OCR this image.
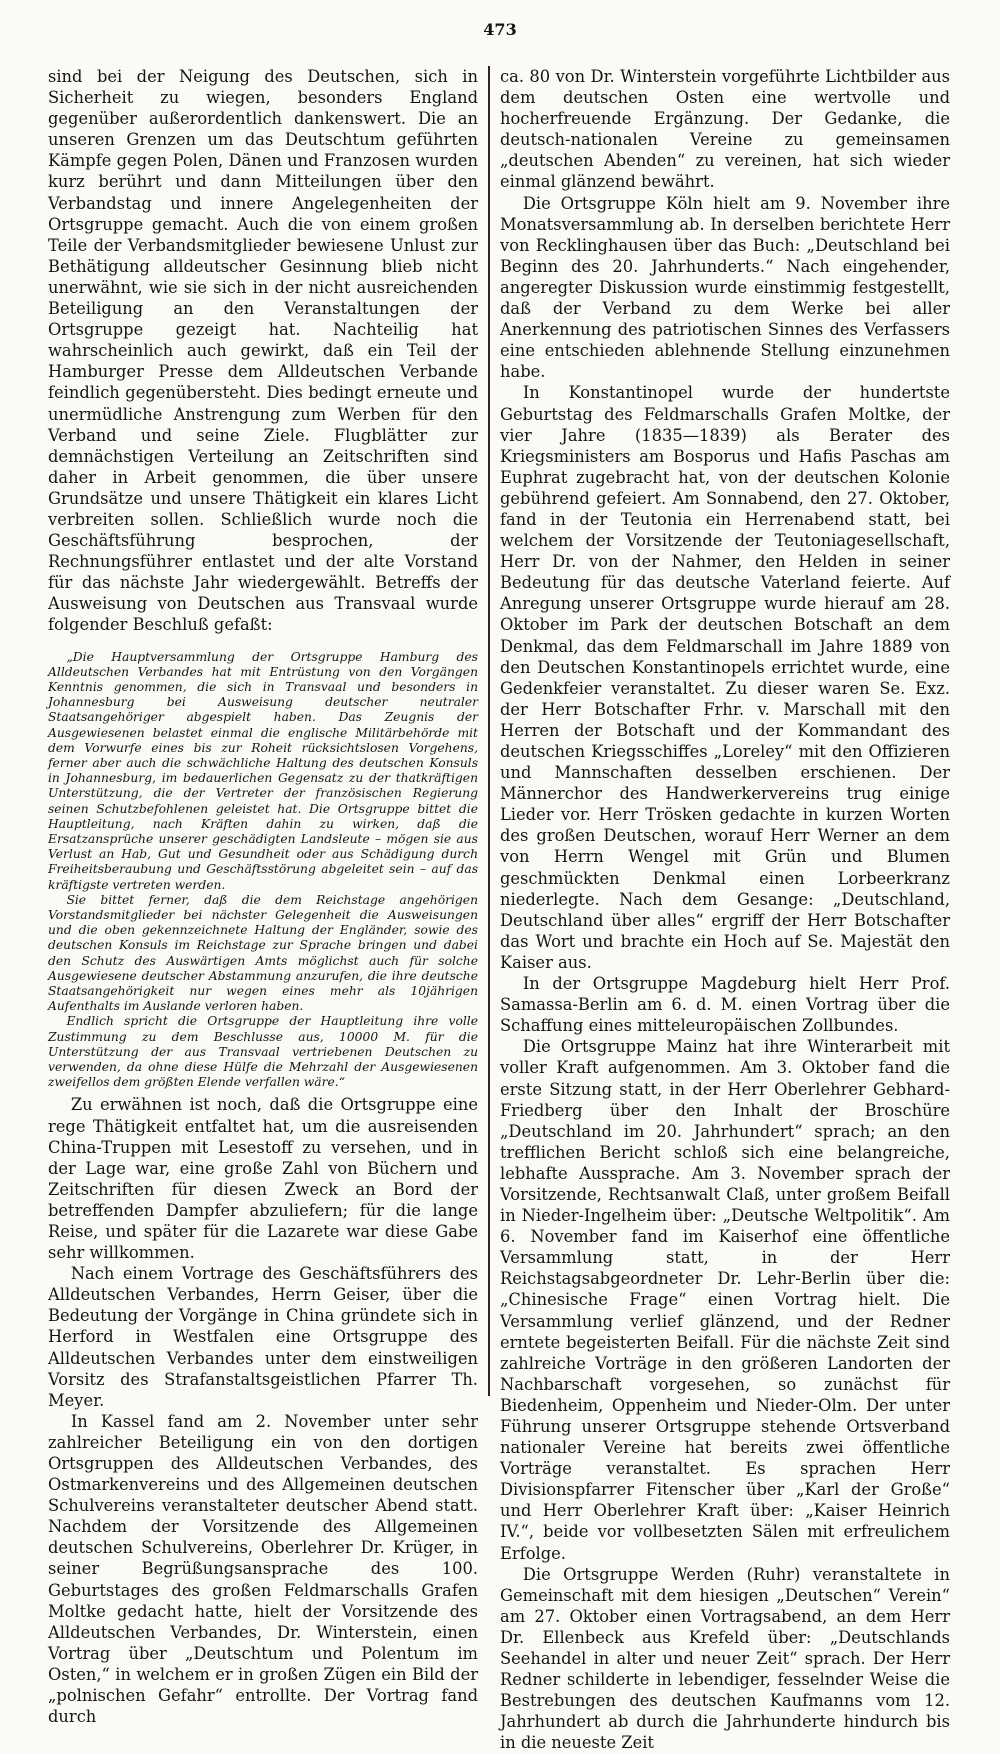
473

sind bei der Neigung des Deutschen, sich in Sicherheit zu wiegen, besonders England gegenüber außerordentlich dankenswert. Die an unseren Grenzen um das Deutschtum geführten Kämpfe gegen Polen, Dänen und Franzosen wurden kurz berührt und dann Mitteilungen über den Verbandstag und innere Angelegenheiten der Ortsgruppe gemacht. Auch die von einem großen Teile der Verbandsmitglieder bewiesene Unlust zur Bethätigung alldeutscher Gesinnung blieb nicht unerwähnt, wie sie sich in der nicht ausreichenden Beteiligung an den Veranstaltungen der Ortsgruppe gezeigt hat. Nachteilig hat wahrscheinlich auch gewirkt, daß ein Teil der Hamburger Presse dem Alldeutschen Verbande feindlich gegenübersteht. Dies bedingt erneute und unermüdliche Anstrengung zum Werben für den Verband und seine Ziele. Flugblätter zur demnächstigen Verteilung an Zeitschriften sind daher in Arbeit genommen, die über unsere Grundsätze und unsere Thätigkeit ein klares Licht verbreiten sollen. Schließlich wurde noch die Geschäftsführung besprochen, der Rechnungsführer entlastet und der alte Vorstand für das nächste Jahr wiedergewählt. Betreffs der Ausweisung von Deutschen aus Transvaal wurde folgender Beschluß gefaßt:

„Die Hauptversammlung der Ortsgruppe Hamburg des Alldeutschen Verbandes hat mit Entrüstung von den Vorgängen Kenntnis genommen, die sich in Transvaal und besonders in Johannesburg bei Ausweisung deutscher neutraler Staatsangehöriger abgespielt haben. Das Zeugnis der Ausgewiesenen belastet einmal die englische Militärbehörde mit dem Vorwurfe eines bis zur Roheit rücksichtslosen Vorgehens, ferner aber auch die schwächliche Haltung des deutschen Konsuls in Johannesburg, im bedauerlichen Gegensatz zu der thatkräftigen Unterstützung, die der Vertreter der französischen Regierung seinen Schutzbefohlenen geleistet hat. Die Ortsgruppe bittet die Hauptleitung, nach Kräften dahin zu wirken, daß die Ersatzansprüche unserer geschädigten Landsleute – mögen sie aus Verlust an Hab, Gut und Gesundheit oder aus Schädigung durch Freiheitsberaubung und Geschäftsstörung abgeleitet sein – auf das kräftigste vertreten werden.

Sie bittet ferner, daß die dem Reichstage angehörigen Vorstandsmitglieder bei nächster Gelegenheit die Ausweisungen und die oben gekennzeichnete Haltung der Engländer, sowie des deutschen Konsuls im Reichstage zur Sprache bringen und dabei den Schutz des Auswärtigen Amts möglichst auch für solche Ausgewiesene deutscher Abstammung anzurufen, die ihre deutsche Staatsangehörigkeit nur wegen eines mehr als 10jährigen Aufenthalts im Auslande verloren haben.

Endlich spricht die Ortsgruppe der Hauptleitung ihre volle Zustimmung zu dem Beschlusse aus, 10000 M. für die Unterstützung der aus Transvaal vertriebenen Deutschen zu verwenden, da ohne diese Hülfe die Mehrzahl der Ausgewiesenen zweifellos dem größten Elende verfallen wäre.“

Zu erwähnen ist noch, daß die Ortsgruppe eine rege Thätigkeit entfaltet hat, um die ausreisenden China-Truppen mit Lesestoff zu versehen, und in der Lage war, eine große Zahl von Büchern und Zeitschriften für diesen Zweck an Bord der betreffenden Dampfer abzuliefern; für die lange Reise, und später für die Lazarete war diese Gabe sehr willkommen.

Nach einem Vortrage des Geschäftsführers des Alldeutschen Verbandes, Herrn Geiser, über die Bedeutung der Vorgänge in China gründete sich in Herford in Westfalen eine Ortsgruppe des Alldeutschen Verbandes unter dem einstweiligen Vorsitz des Strafanstaltsgeistlichen Pfarrer Th. Meyer.

In Kassel fand am 2. November unter sehr zahlreicher Beteiligung ein von den dortigen Ortsgruppen des Alldeutschen Verbandes, des Ostmarkenvereins und des Allgemeinen deutschen Schulvereins veranstalteter deutscher Abend statt. Nachdem der Vorsitzende des Allgemeinen deutschen Schulvereins, Oberlehrer Dr. Krüger, in seiner Begrüßungsansprache des 100. Geburtstages des großen Feldmarschalls Grafen Moltke gedacht hatte, hielt der Vorsitzende des Alldeutschen Verbandes, Dr. Winterstein, einen Vortrag über „Deutschtum und Polentum im Osten,“ in welchem er in großen Zügen ein Bild der „polnischen Gefahr“ entrollte. Der Vortrag fand durch

ca. 80 von Dr. Winterstein vorgeführte Lichtbilder aus dem deutschen Osten eine wertvolle und hocherfreuende Ergänzung. Der Gedanke, die deutsch-nationalen Vereine zu gemeinsamen „deutschen Abenden“ zu vereinen, hat sich wieder einmal glänzend bewährt.

Die Ortsgruppe Köln hielt am 9. November ihre Monatsversammlung ab. In derselben berichtete Herr von Recklinghausen über das Buch: „Deutschland bei Beginn des 20. Jahrhunderts.“ Nach eingehender, angeregter Diskussion wurde einstimmig festgestellt, daß der Verband zu dem Werke bei aller Anerkennung des patriotischen Sinnes des Verfassers eine entschieden ablehnende Stellung einzunehmen habe.

In Konstantinopel wurde der hundertste Geburtstag des Feldmarschalls Grafen Moltke, der vier Jahre (1835—1839) als Berater des Kriegsministers am Bosporus und Hafis Paschas am Euphrat zugebracht hat, von der deutschen Kolonie gebührend gefeiert. Am Sonnabend, den 27. Oktober, fand in der Teutonia ein Herrenabend statt, bei welchem der Vorsitzende der Teutoniagesellschaft, Herr Dr. von der Nahmer, den Helden in seiner Bedeutung für das deutsche Vaterland feierte. Auf Anregung unserer Ortsgruppe wurde hierauf am 28. Oktober im Park der deutschen Botschaft an dem Denkmal, das dem Feldmarschall im Jahre 1889 von den Deutschen Konstantinopels errichtet wurde, eine Gedenkfeier veranstaltet. Zu dieser waren Se. Exz. der Herr Botschafter Frhr. v. Marschall mit den Herren der Botschaft und der Kommandant des deutschen Kriegsschiffes „Loreley“ mit den Offizieren und Mannschaften desselben erschienen. Der Männerchor des Handwerkervereins trug einige Lieder vor. Herr Trösken gedachte in kurzen Worten des großen Deutschen, worauf Herr Werner an dem von Herrn Wengel mit Grün und Blumen geschmückten Denkmal einen Lorbeerkranz niederlegte. Nach dem Gesange: „Deutschland, Deutschland über alles“ ergriff der Herr Botschafter das Wort und brachte ein Hoch auf Se. Majestät den Kaiser aus.

In der Ortsgruppe Magdeburg hielt Herr Prof. Samassa-Berlin am 6. d. M. einen Vortrag über die Schaffung eines mitteleuropäischen Zollbundes.

Die Ortsgruppe Mainz hat ihre Winterarbeit mit voller Kraft aufgenommen. Am 3. Oktober fand die erste Sitzung statt, in der Herr Oberlehrer Gebhard-Friedberg über den Inhalt der Broschüre „Deutschland im 20. Jahrhundert“ sprach; an den trefflichen Bericht schloß sich eine belangreiche, lebhafte Aussprache. Am 3. November sprach der Vorsitzende, Rechtsanwalt Claß, unter großem Beifall in Nieder-Ingelheim über: „Deutsche Weltpolitik“. Am 6. November fand im Kaiserhof eine öffentliche Versammlung statt, in der Herr Reichstagsabgeordneter Dr. Lehr-Berlin über die: „Chinesische Frage“ einen Vortrag hielt. Die Versammlung verlief glänzend, und der Redner erntete begeisterten Beifall. Für die nächste Zeit sind zahlreiche Vorträge in den größeren Landorten der Nachbarschaft vorgesehen, so zunächst für Biedenheim, Oppenheim und Nieder-Olm. Der unter Führung unserer Ortsgruppe stehende Ortsverband nationaler Vereine hat bereits zwei öffentliche Vorträge veranstaltet. Es sprachen Herr Divisionspfarrer Fitenscher über „Karl der Große“ und Herr Oberlehrer Kraft über: „Kaiser Heinrich IV.“, beide vor vollbesetzten Sälen mit erfreulichem Erfolge.

Die Ortsgruppe Werden (Ruhr) veranstaltete in Gemeinschaft mit dem hiesigen „Deutschen“ Verein“ am 27. Oktober einen Vortragsabend, an dem Herr Dr. Ellenbeck aus Krefeld über: „Deutschlands Seehandel in alter und neuer Zeit“ sprach. Der Herr Redner schilderte in lebendiger, fesselnder Weise die Bestrebungen des deutschen Kaufmanns vom 12. Jahrhundert ab durch die Jahrhunderte hindurch bis in die neueste Zeit
